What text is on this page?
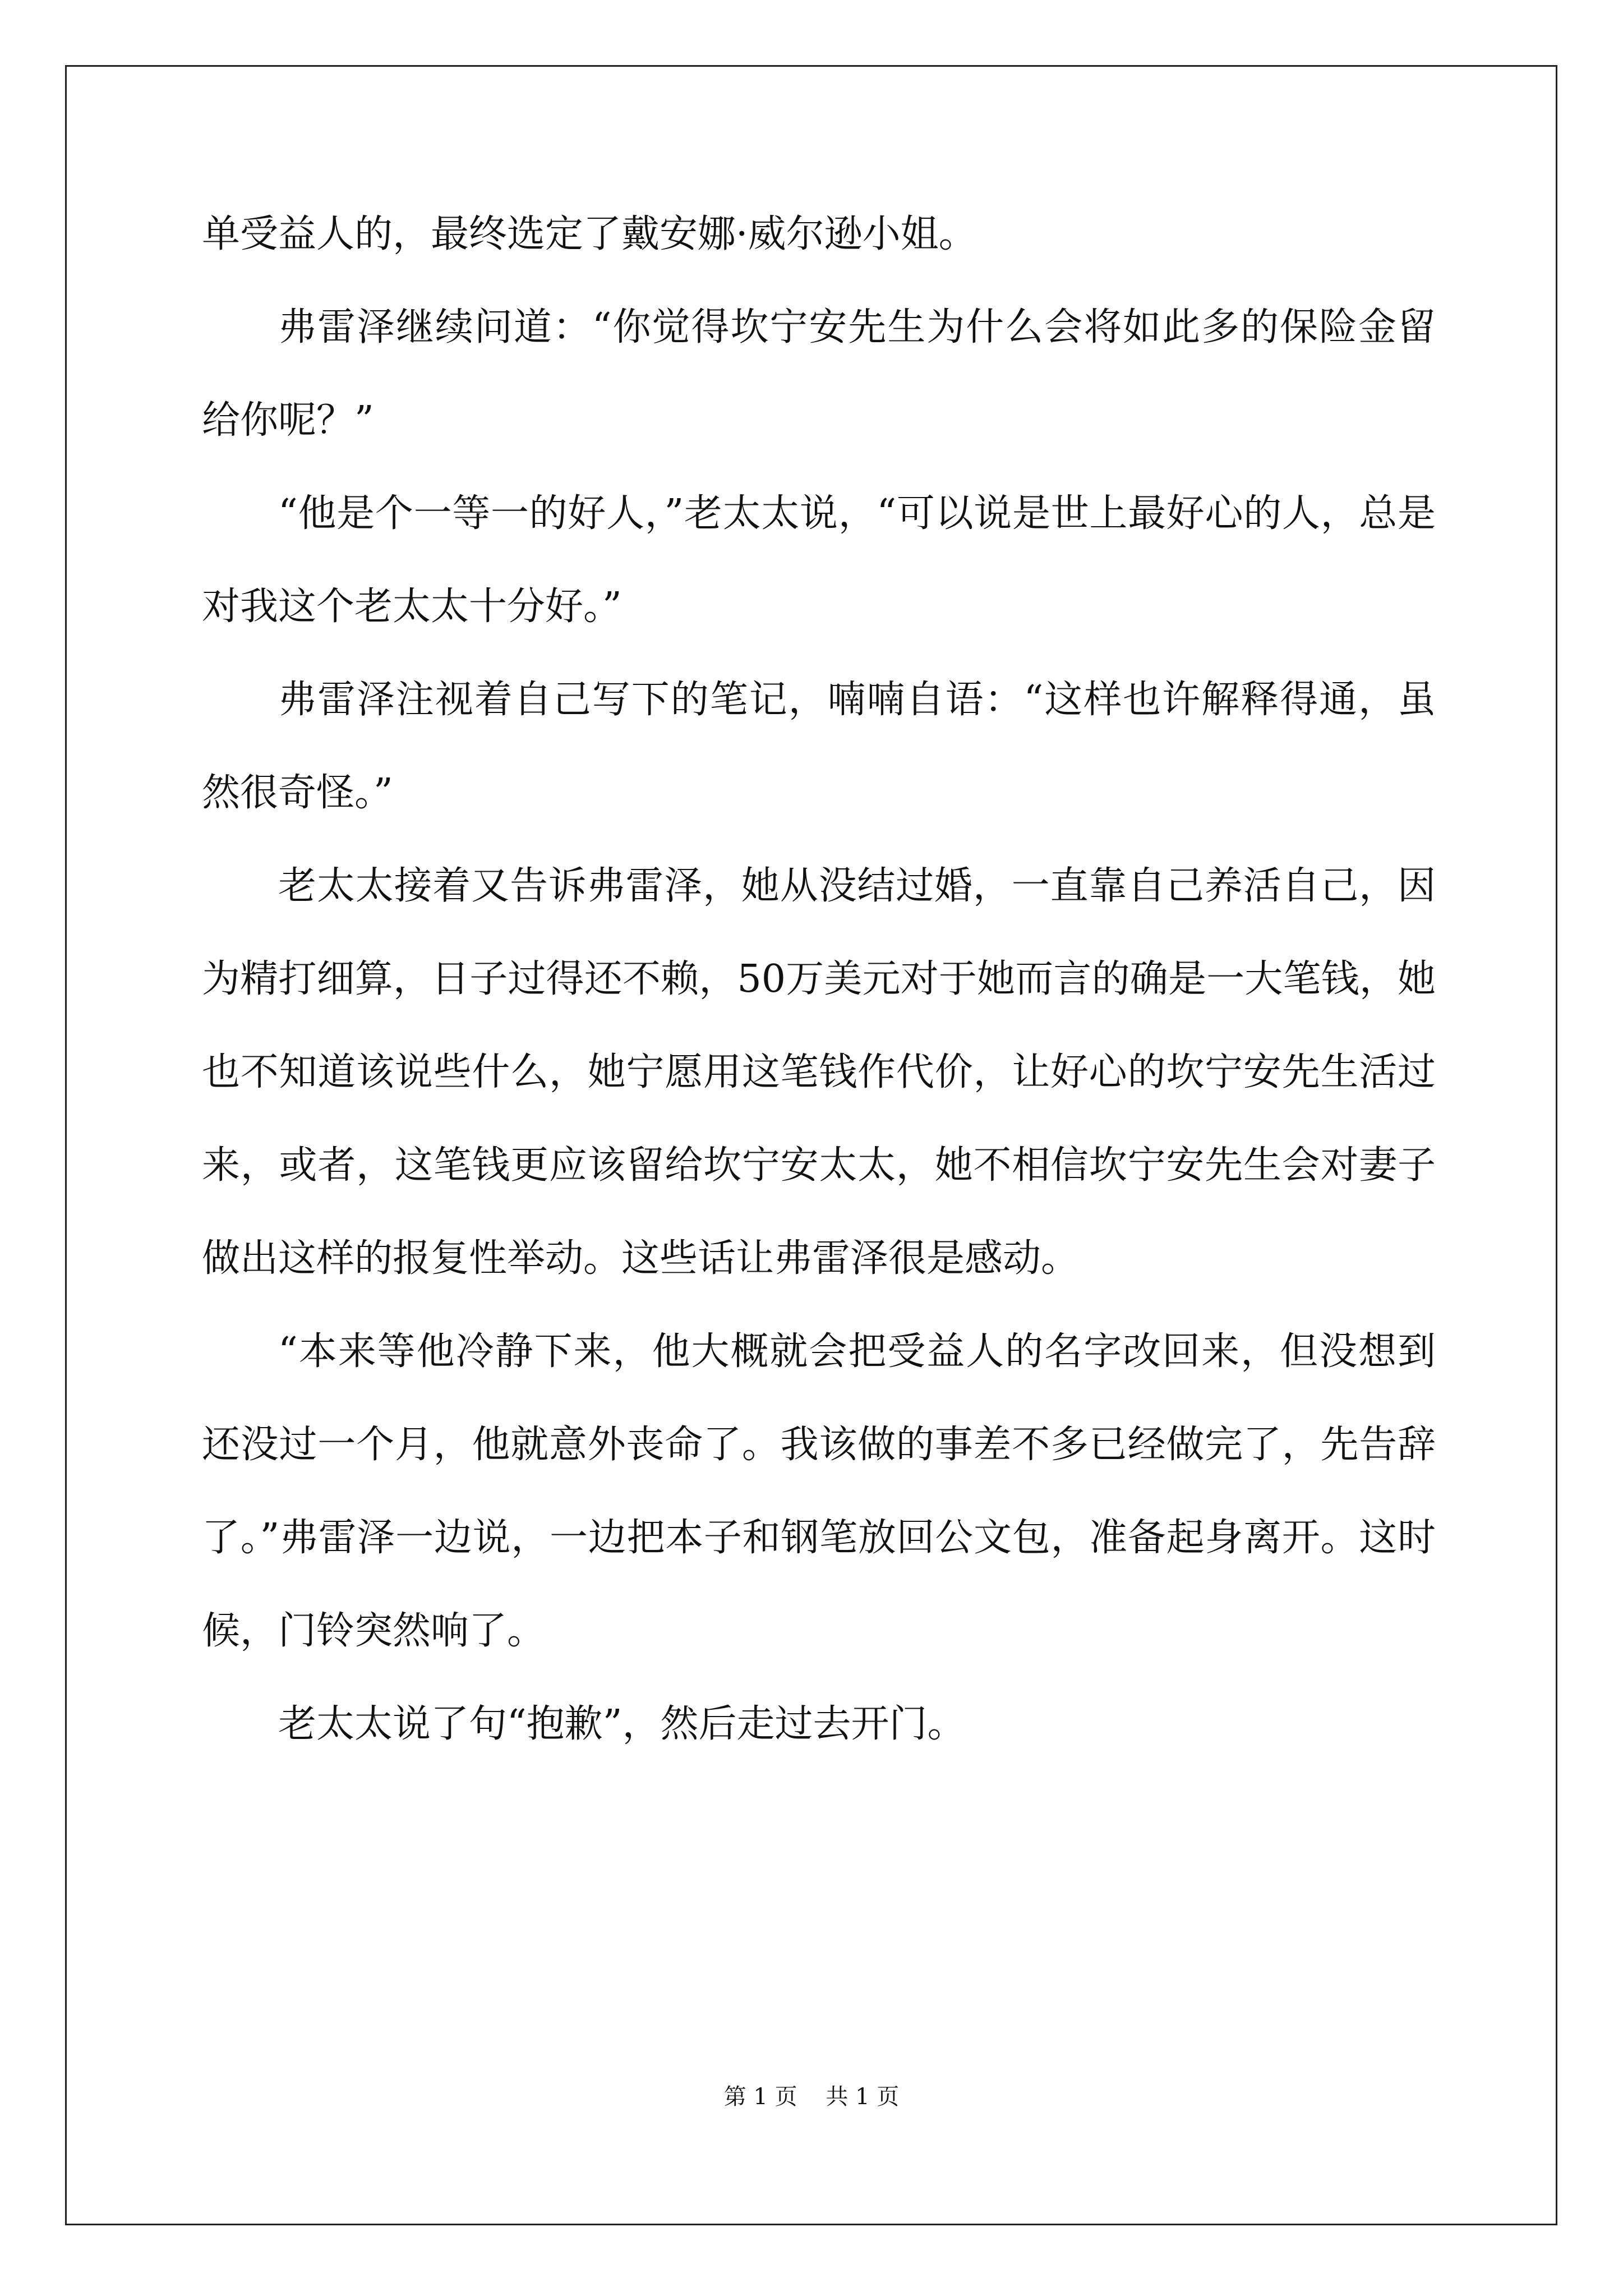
单受益人的，最终选定了戴安娜·威尔逊小姐。

弗雷泽继续问道：“你觉得坎宁安先生为什么会将如此多的保险金留给你呢？”

“他是个一等一的好人，”老太太说，“可以说是世上最好心的人，总是对我这个老太太十分好。”

弗雷泽注视着自己写下的笔记，喃喃自语：“这样也许解释得通，虽然很奇怪。”

老太太接着又告诉弗雷泽，她从没结过婚，一直靠自己养活自己，因为精打细算，日子过得还不赖，50万美元对于她而言的确是一大笔钱，她也不知道该说些什么，她宁愿用这笔钱作代价，让好心的坎宁安先生活过来，或者，这笔钱更应该留给坎宁安太太，她不相信坎宁安先生会对妻子做出这样的报复性举动。这些话让弗雷泽很是感动。

“本来等他冷静下来，他大概就会把受益人的名字改回来，但没想到还没过一个月，他就意外丧命了。我该做的事差不多已经做完了，先告辞了。”弗雷泽一边说，一边把本子和钢笔放回公文包，准备起身离开。这时候，门铃突然响了。

老太太说了句“抱歉”，然后走过去开门。

第 1 页    共 1 页
